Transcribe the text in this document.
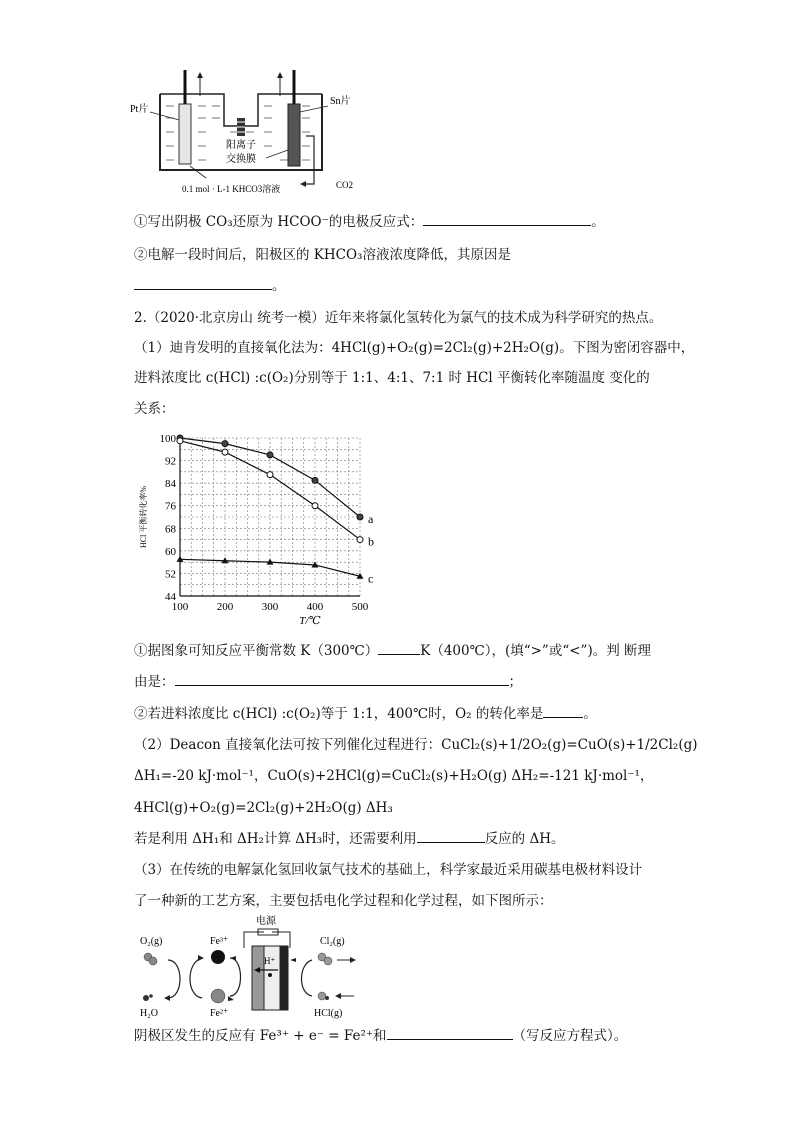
Pt片
Sn片
阳离子
交换膜
CO2
0.1 mol · L-1 KHCO3溶液
①写出阴极 CO₃还原为 HCOO⁻的电极反应式：	。
②电解一段时间后，阳极区的 KHCO₃溶液浓度降低，其原因是
。
2.（2020·北京房山 统考一模）近年来将氯化氢转化为氯气的技术成为科学研究的热点。
（1）迪肯发明的直接氧化法为：4HCl(g)+O₂(g)=2Cl₂(g)+2H₂O(g)。下图为密闭容器中，
进料浓度比 c(HCl) :c(O₂)分别等于 1:1、4:1、7:1 时 HCl 平衡转化率随温度 变化的
关系：
100
92
84
76
68
60
52
44
100	200	300	400	500
T/℃
HCl 平衡转化率%	a
b
c
①据图象可知反应平衡常数 K（300℃）	K（400℃），(填“>”或“<”)。判 断理
由是：	；
②若进料浓度比 c(HCl) :c(O₂)等于 1:1，400℃时，O₂ 的转化率是	。
（2）Deacon 直接氧化法可按下列催化过程进行：CuCl₂(s)+1/2O₂(g)=CuO(s)+1/2Cl₂(g)
ΔH₁=-20 kJ·mol⁻¹，CuO(s)+2HCl(g)=CuCl₂(s)+H₂O(g) ΔH₂=-121 kJ·mol⁻¹，
4HCl(g)+O₂(g)=2Cl₂(g)+2H₂O(g) ΔH₃
若是利用 ΔH₁和 ΔH₂计算 ΔH₃时，还需要利用	反应的 ΔH。
（3）在传统的电解氯化氢回收氯气技术的基础上，科学家最近采用碳基电极材料设计
了一种新的工艺方案，主要包括电化学过程和化学过程，如下图所示：
电源
H⁺
O₂(g)
H₂O
Fe³⁺
Fe²⁺
Cl₂(g)
HCl(g)
阴极区发生的反应有 Fe³⁺ + e⁻ = Fe²⁺和	（写反应方程式）。
